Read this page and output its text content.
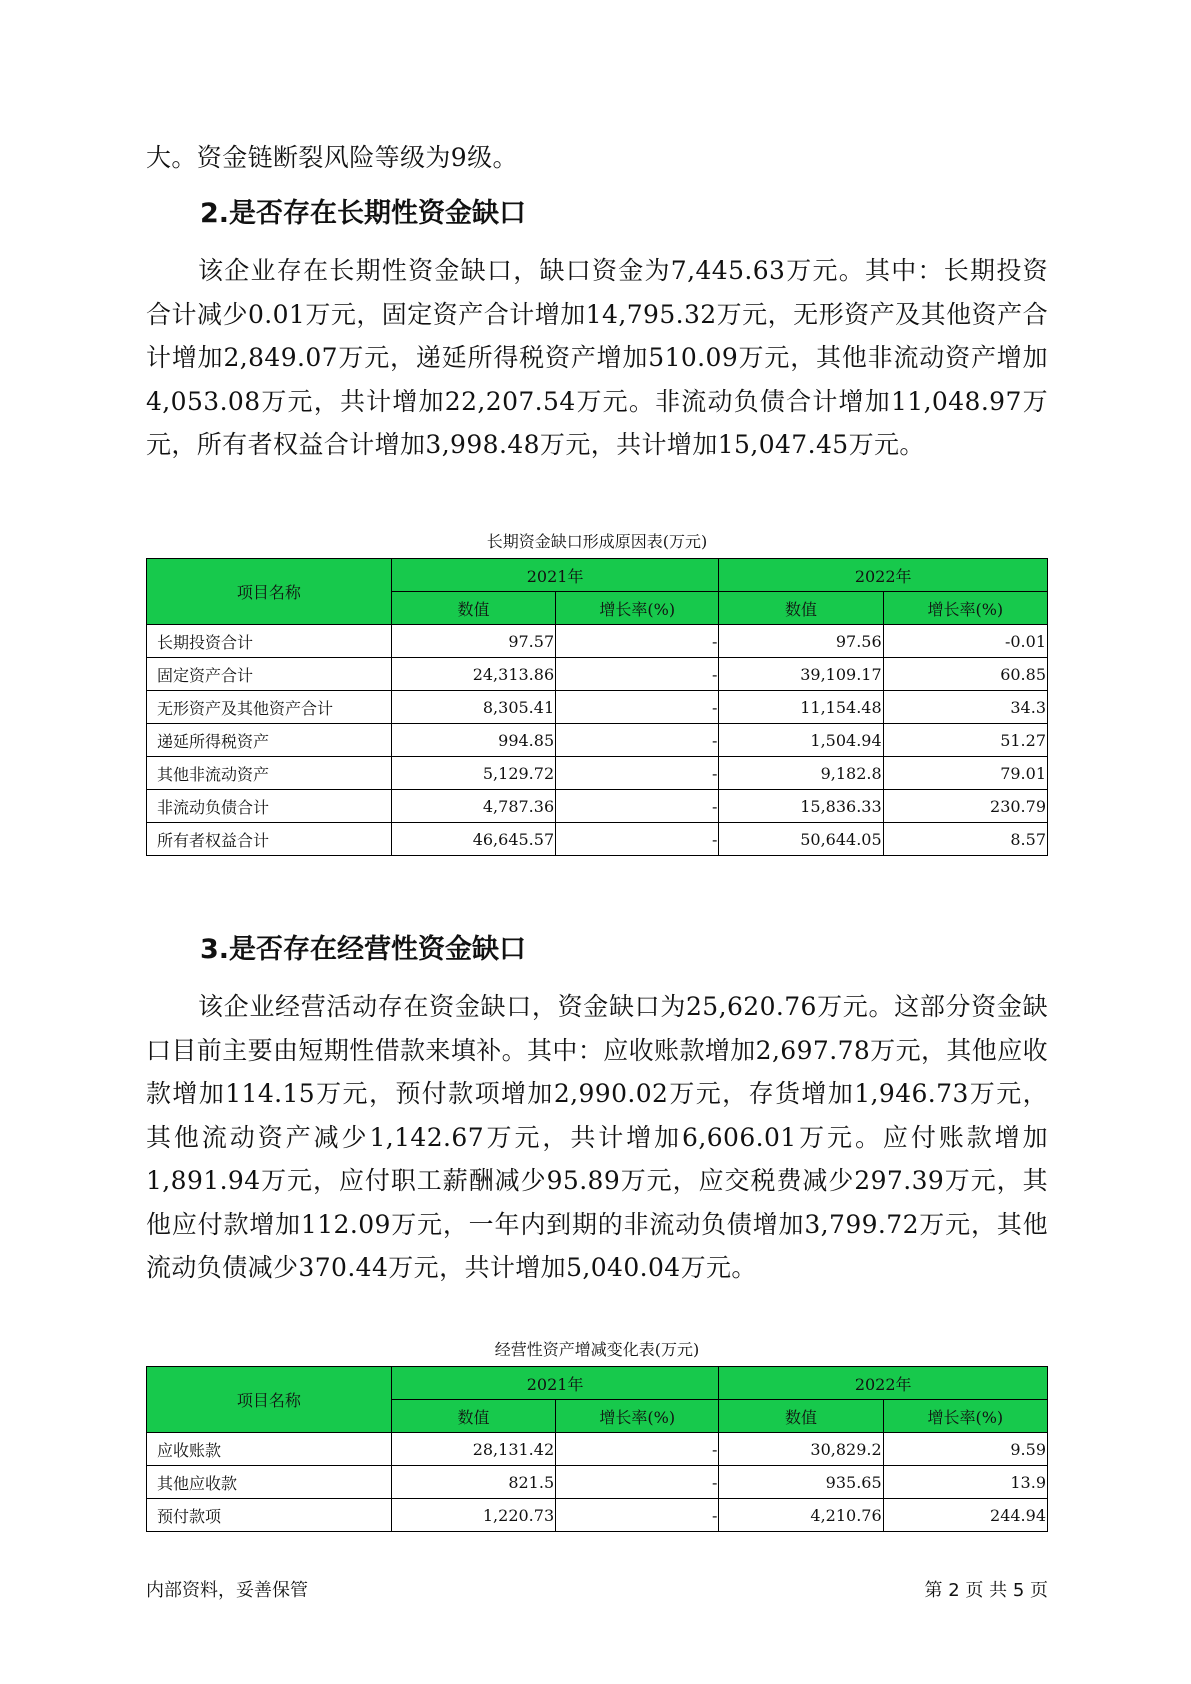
大。资金链断裂风险等级为9级。

2.是否存在长期性资金缺口

该企业存在长期性资金缺口，缺口资金为7,445.63万元。其中：长期投资合计减少0.01万元，固定资产合计增加14,795.32万元，无形资产及其他资产合计增加2,849.07万元，递延所得税资产增加510.09万元，其他非流动资产增加4,053.08万元，共计增加22,207.54万元。非流动负债合计增加11,048.97万元，所有者权益合计增加3,998.48万元，共计增加15,047.45万元。

长期资金缺口形成原因表(万元)

项目名称	2021年		2022年	
	数值	增长率(%)	数值	增长率(%)
长期投资合计	97.57	-	97.56	-0.01
固定资产合计	24,313.86	-	39,109.17	60.85
无形资产及其他资产合计	8,305.41	-	11,154.48	34.3
递延所得税资产	994.85	-	1,504.94	51.27
其他非流动资产	5,129.72	-	9,182.8	79.01
非流动负债合计	4,787.36	-	15,836.33	230.79
所有者权益合计	46,645.57	-	50,644.05	8.57
3.是否存在经营性资金缺口

该企业经营活动存在资金缺口，资金缺口为25,620.76万元。这部分资金缺口目前主要由短期性借款来填补。其中：应收账款增加2,697.78万元，其他应收款增加114.15万元，预付款项增加2,990.02万元，存货增加1,946.73万元，其他流动资产减少1,142.67万元，共计增加6,606.01万元。应付账款增加1,891.94万元，应付职工薪酬减少95.89万元，应交税费减少297.39万元，其他应付款增加112.09万元，一年内到期的非流动负债增加3,799.72万元，其他流动负债减少370.44万元，共计增加5,040.04万元。

经营性资产增减变化表(万元)

项目名称	2021年		2022年	
	数值	增长率(%)	数值	增长率(%)
应收账款	28,131.42	-	30,829.2	9.59
其他应收款	821.5	-	935.65	13.9
预付款项	1,220.73	-	4,210.76	244.94
内部资料，妥善保管	第 2 页 共 5 页
